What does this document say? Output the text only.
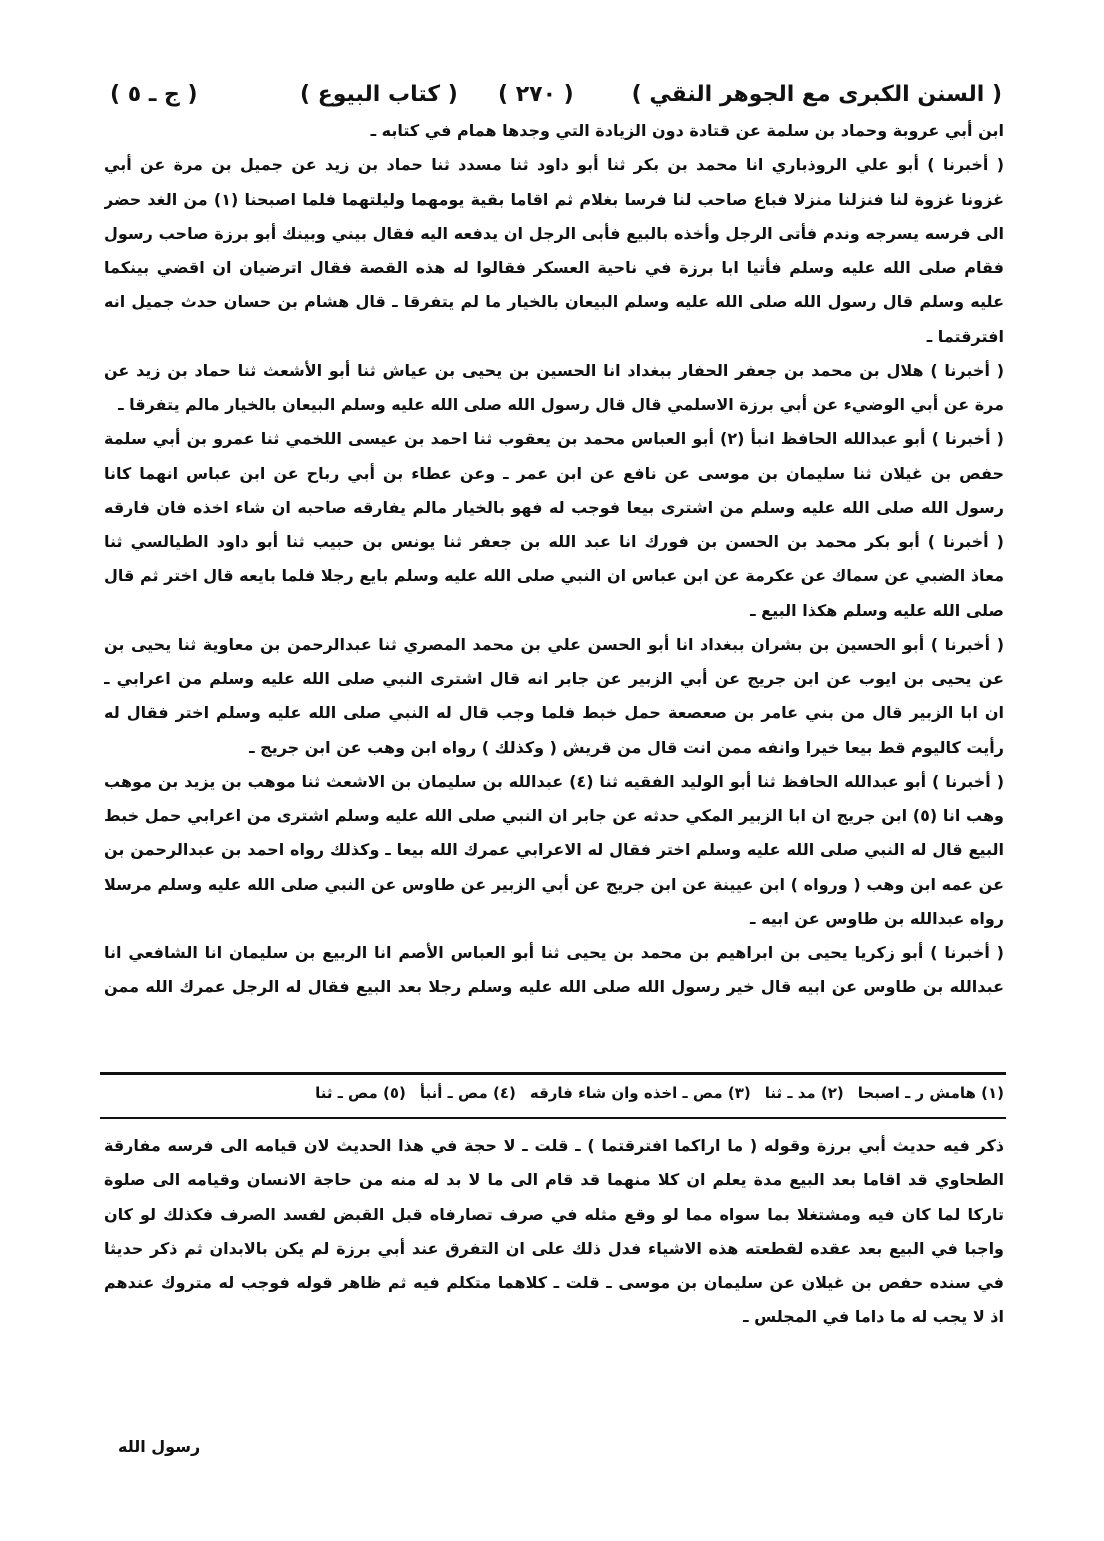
( السنن الكبرى مع الجوهر النقي )
( ٢٧٠ )
( كتاب البيوع )
( ج ـ ٥ )
ابن أبي عروبة وحماد بن سلمة عن قتادة دون الزيادة التي وجدها همام في كتابه ـ
( أخبرنا ) أبو علي الروذباري انا محمد بن بكر ثنا أبو داود ثنا مسدد ثنا حماد بن زيد عن جميل بن مرة عن أبي
غزونا غزوة لنا فنزلنا منزلا فباع صاحب لنا فرسا بغلام ثم اقاما بقية يومهما وليلتهما فلما اصبحنا (١) من الغد حضر
الى فرسه يسرجه وندم فأتى الرجل وأخذه بالبيع فأبى الرجل ان يدفعه اليه فقال بيني وبينك أبو برزة صاحب رسول
فقام صلى الله عليه وسلم فأتيا ابا برزة في ناحية العسكر فقالوا له هذه القصة فقال اترضيان ان اقضي بينكما
عليه وسلم قال رسول الله صلى الله عليه وسلم البيعان بالخيار ما لم يتفرقا ـ قال هشام بن حسان حدث جميل انه
افترقتما ـ
( أخبرنا ) هلال بن محمد بن جعفر الحفار ببغداد انا الحسين بن يحيى بن عياش ثنا أبو الأشعث ثنا حماد بن زيد عن
مرة عن أبي الوضيء عن أبي برزة الاسلمي قال قال رسول الله صلى الله عليه وسلم البيعان بالخيار مالم يتفرقا ـ
( أخبرنا ) أبو عبدالله الحافظ انبأ (٢) أبو العباس محمد بن يعقوب ثنا احمد بن عيسى اللخمي ثنا عمرو بن أبي سلمة
حفص بن غيلان ثنا سليمان بن موسى عن نافع عن ابن عمر ـ وعن عطاء بن أبي رباح عن ابن عباس انهما كانا
رسول الله صلى الله عليه وسلم من اشترى بيعا فوجب له فهو بالخيار مالم يفارقه صاحبه ان شاء اخذه فان فارقه
( أخبرنا ) أبو بكر محمد بن الحسن بن فورك انا عبد الله بن جعفر ثنا يونس بن حبيب ثنا أبو داود الطيالسي ثنا
معاذ الضبي عن سماك عن عكرمة عن ابن عباس ان النبي صلى الله عليه وسلم بايع رجلا فلما بايعه قال اختر ثم قال
صلى الله عليه وسلم هكذا البيع ـ
( أخبرنا ) أبو الحسين بن بشران ببغداد انا أبو الحسن علي بن محمد المصري ثنا عبدالرحمن بن معاوية ثنا يحيى بن
عن يحيى بن ايوب عن ابن جريج عن أبي الزبير عن جابر انه قال اشترى النبي صلى الله عليه وسلم من اعرابي ـ
ان ابا الزبير قال من بني عامر بن صعصعة حمل خبط فلما وجب قال له النبي صلى الله عليه وسلم اختر فقال له
رأيت كاليوم قط بيعا خيرا وانفه ممن انت قال من قريش ( وكذلك ) رواه ابن وهب عن ابن جريج ـ
( أخبرنا ) أبو عبدالله الحافظ ثنا أبو الوليد الفقيه ثنا (٤) عبدالله بن سليمان بن الاشعث ثنا موهب بن يزيد بن موهب
وهب انا (٥) ابن جريج ان ابا الزبير المكي حدثه عن جابر ان النبي صلى الله عليه وسلم اشترى من اعرابي حمل خبط
البيع قال له النبي صلى الله عليه وسلم اختر فقال له الاعرابي عمرك الله بيعا ـ وكذلك رواه احمد بن عبدالرحمن بن
عن عمه ابن وهب ( ورواه ) ابن عيينة عن ابن جريج عن أبي الزبير عن طاوس عن النبي صلى الله عليه وسلم مرسلا
رواه عبدالله بن طاوس عن ابيه ـ
( أخبرنا ) أبو زكريا يحيى بن ابراهيم بن محمد بن يحيى ثنا أبو العباس الأصم انا الربيع بن سليمان انا الشافعي انا
عبدالله بن طاوس عن ابيه قال خير رسول الله صلى الله عليه وسلم رجلا بعد البيع فقال له الرجل عمرك الله ممن
(١) هامش ر ـ اصبحا
(٢) مد ـ ثنا
(٣) مص ـ اخذه وان شاء فارقه
(٤) مص ـ أنبأ
(٥) مص ـ ثنا
ذكر فيه حديث أبي برزة وقوله ( ما اراكما افترقتما ) ـ قلت ـ لا حجة في هذا الحديث لان قيامه الى فرسه مفارقة
الطحاوي قد اقاما بعد البيع مدة يعلم ان كلا منهما قد قام الى ما لا بد له منه من حاجة الانسان وقيامه الى صلوة
تاركا لما كان فيه ومشتغلا بما سواه مما لو وقع مثله في صرف تصارفاه قبل القبض لفسد الصرف فكذلك لو كان
واجبا في البيع بعد عقده لقطعته هذه الاشياء فدل ذلك على ان التفرق عند أبي برزة لم يكن بالابدان ثم ذكر حديثا
في سنده حفص بن غيلان عن سليمان بن موسى ـ قلت ـ كلاهما متكلم فيه ثم ظاهر قوله فوجب له متروك عندهم
اذ لا يجب له ما داما في المجلس ـ
رسول الله
